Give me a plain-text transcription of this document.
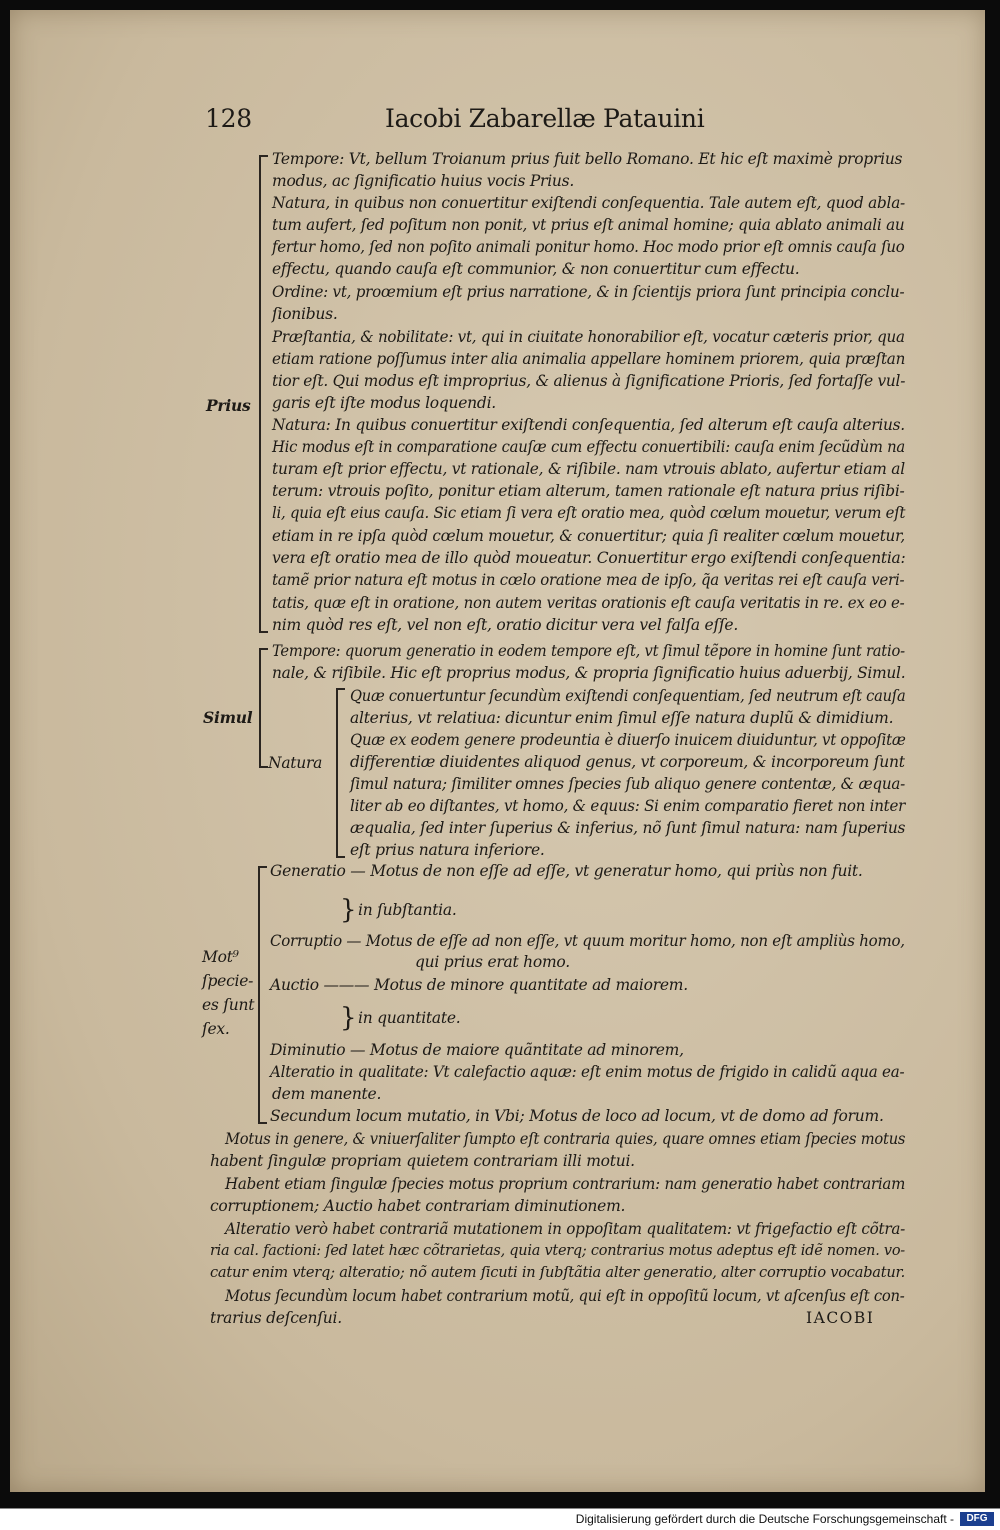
128	Iacobi Zabarellæ Patauini
Prius
Simul
Natura
Mot⁹
ſpecie-
es ſunt
ſex.
Tempore: Vt, bellum Troianum prius fuit bello Romano. Et hic eſt maximè proprius
modus, ac ſignificatio huius vocis Prius.
Natura, in quibus non conuertitur exiſtendi conſequentia. Tale autem eſt, quod abla-
tum aufert, ſed poſitum non ponit, vt prius eſt animal homine; quia ablato animali au
fertur homo, ſed non poſito animali ponitur homo. Hoc modo prior eſt omnis cauſa ſuo
effectu, quando cauſa eſt communior, & non conuertitur cum effectu.
Ordine: vt, proœmium eſt prius narratione, & in ſcientijs priora ſunt principia conclu-
ſionibus.
Præſtantia, & nobilitate: vt, qui in ciuitate honorabilior eſt, vocatur cæteris prior, qua
etiam ratione poſſumus inter alia animalia appellare hominem priorem, quia præſtan
tior eſt. Qui modus eſt improprius, & alienus à ſignificatione Prioris, ſed fortaſſe vul-
garis eſt iſte modus loquendi.
Natura: In quibus conuertitur exiſtendi conſequentia, ſed alterum eſt cauſa alterius.
Hic modus eſt in comparatione cauſæ cum effectu conuertibili: cauſa enim ſecũdùm na
turam eſt prior effectu, vt rationale, & riſibile. nam vtrouis ablato, aufertur etiam al
terum: vtrouis poſito, ponitur etiam alterum, tamen rationale eſt natura prius riſibi-
li, quia eſt eius cauſa. Sic etiam ſi vera eſt oratio mea, quòd cœlum mouetur, verum eſt
etiam in re ipſa quòd cœlum mouetur, & conuertitur; quia ſi realiter cœlum mouetur,
vera eſt oratio mea de illo quòd moueatur. Conuertitur ergo exiſtendi conſequentia:
tamẽ prior natura eſt motus in cœlo oratione mea de ipſo, q̃a veritas rei eſt cauſa veri-
tatis, quæ eſt in oratione, non autem veritas orationis eſt cauſa veritatis in re. ex eo e-
nim quòd res eſt, vel non eſt, oratio dicitur vera vel falſa eſſe.
Tempore: quorum generatio in eodem tempore eſt, vt ſimul tẽpore in homine ſunt ratio-
nale, & riſibile. Hic eſt proprius modus, & propria ſignificatio huius aduerbij, Simul.
Quæ conuertuntur ſecundùm exiſtendi conſequentiam, ſed neutrum eſt cauſa
alterius, vt relatiua: dicuntur enim ſimul eſſe natura duplũ & dimidium.
Quæ ex eodem genere prodeuntia è diuerſo inuicem diuiduntur, vt oppoſitæ
differentiæ diuidentes aliquod genus, vt corporeum, & incorporeum ſunt
ſimul natura; ſimiliter omnes ſpecies ſub aliquo genere contentæ, & æqua-
liter ab eo diſtantes, vt homo, & equus: Si enim comparatio fieret non inter
æqualia, ſed inter ſuperius & inferius, nõ ſunt ſimul natura: nam ſuperius
eſt prius natura inferiore.
Generatio — Motus de non eſſe ad eſſe, vt generatur homo, qui priùs non fuit.
} in ſubſtantia.
Corruptio — Motus de eſſe ad non eſſe, vt quum moritur homo, non eſt ampliùs homo,
qui prius erat homo.
Auctio ——— Motus de minore quantitate ad maiorem.
} in quantitate.
Diminutio — Motus de maiore quãntitate ad minorem,
Alteratio in qualitate: Vt calefactio aquæ: eſt enim motus de frigido in calidũ aqua ea-
dem manente.
Secundum locum mutatio, in Vbi; Motus de loco ad locum, vt de domo ad forum.
Motus in genere, & vniuerſaliter ſumpto eſt contraria quies, quare omnes etiam ſpecies motus
habent ſingulæ propriam quietem contrariam illi motui.
Habent etiam ſingulæ ſpecies motus proprium contrarium: nam generatio habet contrariam
corruptionem; Auctio habet contrariam diminutionem.
Alteratio verò habet contrariã mutationem in oppoſitam qualitatem: vt frigefactio eſt cõtra-
ria cal. factioni: ſed latet hæc cõtrarietas, quia vterq; contrarius motus adeptus eſt idẽ nomen. vo-
catur enim vterq; alteratio; nõ autem ſicuti in ſubſtãtia alter generatio, alter corruptio vocabatur.
Motus ſecundùm locum habet contrarium motũ, qui eſt in oppoſitũ locum, vt aſcenſus eſt con-
trarius deſcenſui.	IACOBI
Digitalisierung gefördert durch die Deutsche Forschungsgemeinschaft -	DFG
